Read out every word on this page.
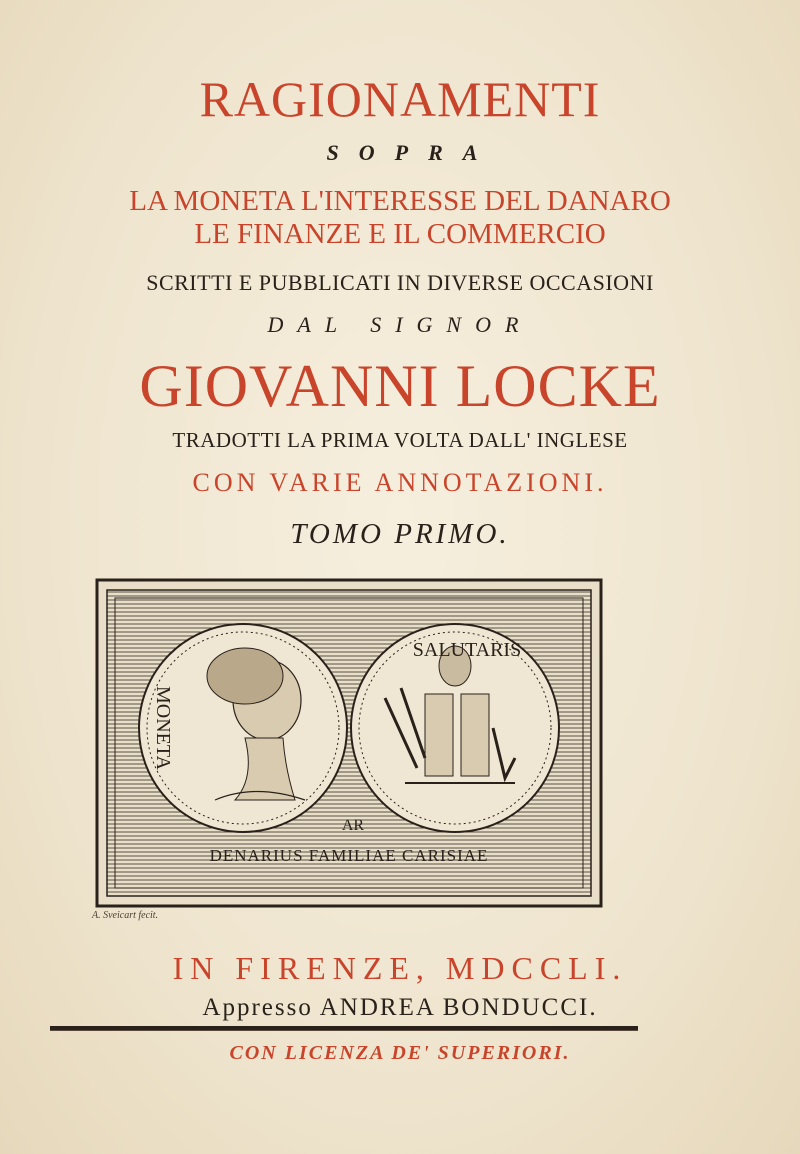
RAGIONAMENTI
SOPRA
LA MONETA L'INTERESSE DEL DANARO
LE FINANZE E IL COMMERCIO
SCRITTI E PUBBLICATI IN DIVERSE OCCASIONI
DAL SIGNOR
GIOVANNI LOCKE
TRADOTTI LA PRIMA VOLTA DALL' INGLESE
CON VARIE ANNOTAZIONI.
TOMO PRIMO.
MONETA
SALUTARIS
AR
DENARIUS FAMILIAE CARISIAE
A. Sveicart fecit.
IN FIRENZE, MDCCLI.
Appresso ANDREA BONDUCCI.
CON LICENZA DE' SUPERIORI.
